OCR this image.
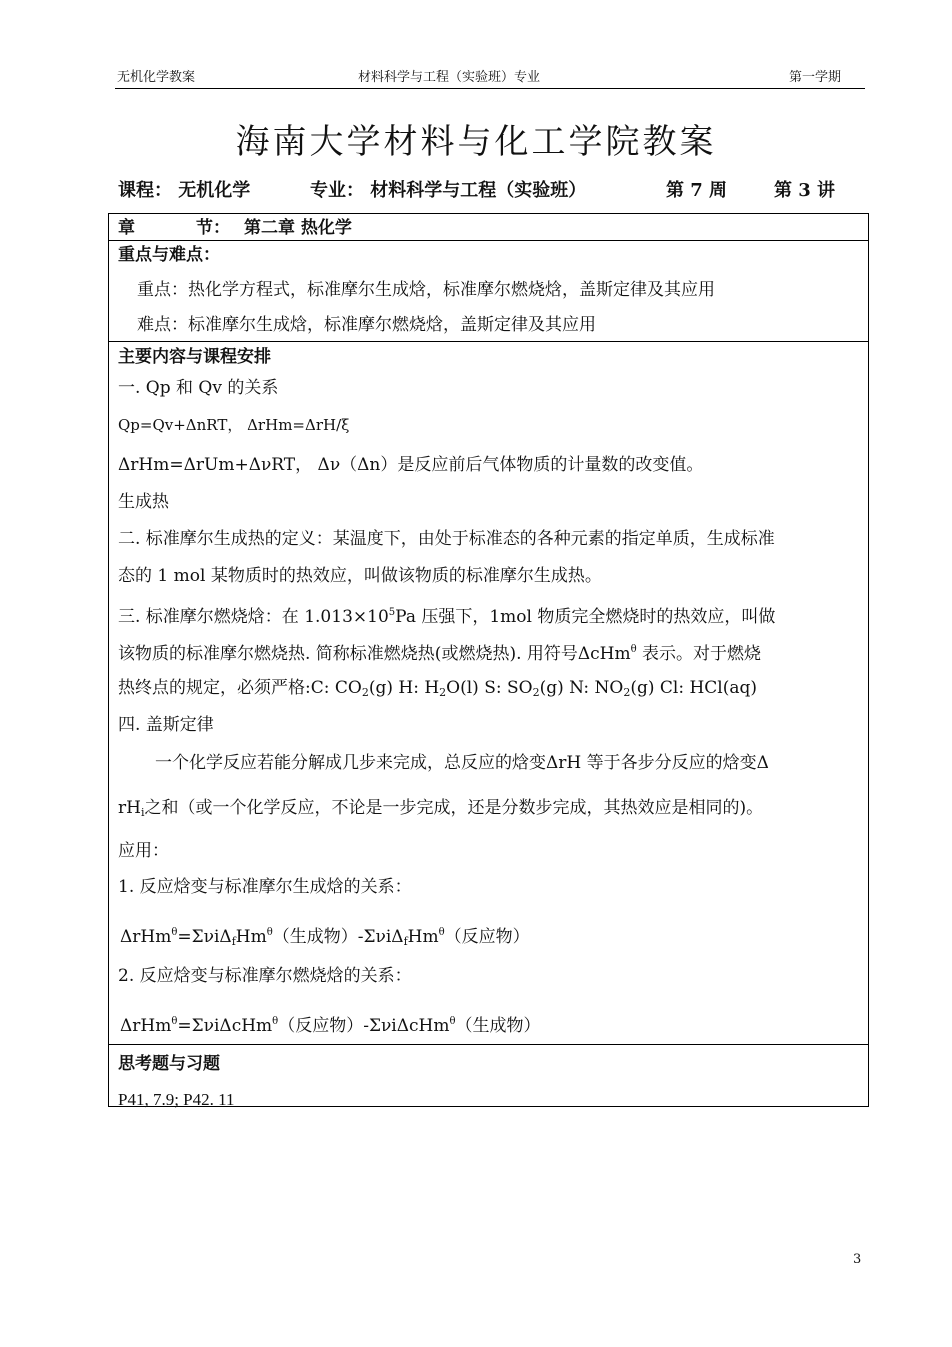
无机化学教案	材料科学与工程（实验班）专业	第一学期
海南大学材料与化工学院教案
课程： 无机化学	专业： 材料科学与工程（实验班）	第 7 周	第 3 讲
章	节： 第二章 热化学
重点与难点：
重点：热化学方程式，标准摩尔生成焓，标准摩尔燃烧焓，盖斯定律及其应用
难点：标准摩尔生成焓，标准摩尔燃烧焓，盖斯定律及其应用
主要内容与课程安排
一. Qp 和 Qv 的关系
Qp=Qv+ΔnRT， ΔrHm=ΔrH/ξ
ΔrHm=ΔrUm+ΔνRT， Δν（Δn）是反应前后气体物质的计量数的改变值。
生成热
二. 标准摩尔生成热的定义：某温度下，由处于标准态的各种元素的指定单质，生成标准
态的 1 mol 某物质时的热效应，叫做该物质的标准摩尔生成热。
三. 标准摩尔燃烧焓：在 $1.013\times 10^5Pa$ 压强下，1mol 物质完全燃烧时的热效应，叫做
该物质的标准摩尔燃烧热. 简称标准燃烧热(或燃烧热). 用符号ΔcHm$^\theta$ 表示。对于燃烧
热终点的规定，必须严格:C: $CO_2(g)$ H: $H_2O(l)$ S: $SO_2(g)$ N: $NO_2(g)$ Cl: HCl(aq)
四. 盖斯定律
一个化学反应若能分解成几步来完成，总反应的焓变ΔrH 等于各步分反应的焓变Δ
$rH_i$之和（或一个化学反应，不论是一步完成，还是分数步完成，其热效应是相同的)。
应用：
1. 反应焓变与标准摩尔生成焓的关系：
$\Delta rHm^\theta=\Sigma\nu i\Delta_fHm^\theta$（生成物）$-\Sigma\nu i\Delta_fHm^\theta$（反应物）
2. 反应焓变与标准摩尔燃烧焓的关系：
ΔrHm$^\theta$=ΣνiΔcHm$^\theta$（反应物）-ΣνiΔcHm$^\theta$（生成物）
思考题与习题
P41, 7.9; P42. 11
3
